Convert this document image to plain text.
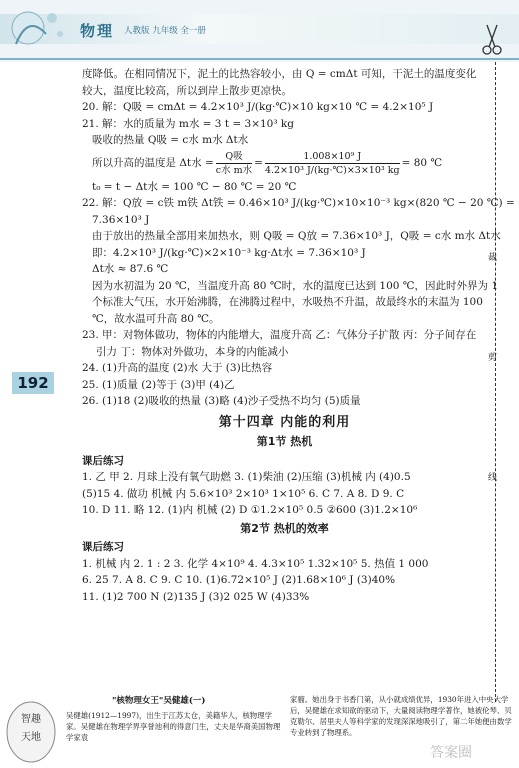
物理 人教版 九年级 全一册
裁
剪
线
192
度降低。在相同情况下，泥土的比热容较小，由 Q = cmΔt 可知，干泥土的温度变化
较大，温度比较高，所以到岸上散步更凉快。
20. 解：Q吸 = cmΔt = 4.2×10³ J/(kg·℃)×10 kg×10 ℃ = 4.2×10⁵ J
21. 解：水的质量为 m水 = 3 t = 3×10³ kg
吸收的热量 Q吸 = c水 m水 Δt水
所以升高的温度是 Δt水 = $\frac{\text{Q吸}}{\text{c水 m水}} = \frac{\text{1.008×10⁹ J}}{\text{4.2×10³ J/(kg·℃)×3×10³ kg}} = 80$ ℃
t₀ = t − Δt水 = 100 ℃ − 80 ℃ = 20 ℃
22. 解：Q放 = c铁 m铁 Δt铁 = 0.46×10³ J/(kg·℃)×10×10⁻³ kg×(820 ℃ − 20 ℃) =
7.36×10³ J
由于放出的热量全部用来加热水，则 Q吸 = Q放 = 7.36×10³ J，Q吸 = c水 m水 Δt水
即：4.2×10³ J/(kg·℃)×2×10⁻³ kg·Δt水 = 7.36×10³ J
Δt水 ≈ 87.6 ℃
因为水初温为 20 ℃，当温度升高 80 ℃时，水的温度已达到 100 ℃，因此时外界为 1
个标准大气压，水开始沸腾，在沸腾过程中，水吸热不升温，故最终水的末温为 100
℃，故水温可升高 80 ℃。
23. 甲：对物体做功，物体的内能增大，温度升高 乙：气体分子扩散 丙：分子间存在
引力 丁：物体对外做功，本身的内能减小
24. (1)升高的温度 (2)水 大于 (3)比热容
25. (1)质量 (2)等于 (3)甲 (4)乙
26. (1)18 (2)吸收的热量 (3)略 (4)沙子受热不均匀 (5)质量
第十四章 内能的利用
第1节 热机
课后练习
1. 乙 甲 2. 月球上没有氧气助燃 3. (1)柴油 (2)压缩 (3)机械 内 (4)0.5
(5)15 4. 做功 机械 内 5.6×10³ 2×10³ 1×10⁵ 6. C 7. A 8. D 9. C
10. D 11. 略 12. (1)内 机械 (2) D ①1.2×10⁵ 0.5 ②600 (3)1.2×10⁶
第2节 热机的效率
课后练习
1. 机械 内 2. 1 : 2 3. 化学 4×10⁹ 4. 4.3×10⁵ 1.32×10⁵ 5. 热值 1 000
6. 25 7. A 8. C 9. C 10. (1)6.72×10⁵ J (2)1.68×10⁶ J (3)40%
11. (1)2 700 N (2)135 J (3)2 025 W (4)33%
智趣
天地
"核物理女王"吴健雄(一)
吴健雄(1912—1997)，出生于江苏太仓，美籍华人，核物理学家。吴健雄在物理学界享誉池利的得意门生，丈夫是华裔美国物理学家袁
家骝。她出身于书香门第，从小就成绩优异，1930年进入中央大学后，吴健雄在求知欲的驱动下，大量阅读物理学著作，她被伦琴、贝克勒尔、居里夫人等科学家的发现深深地吸引了，第二年她便由数学专业转到了物理系。
答案圈
